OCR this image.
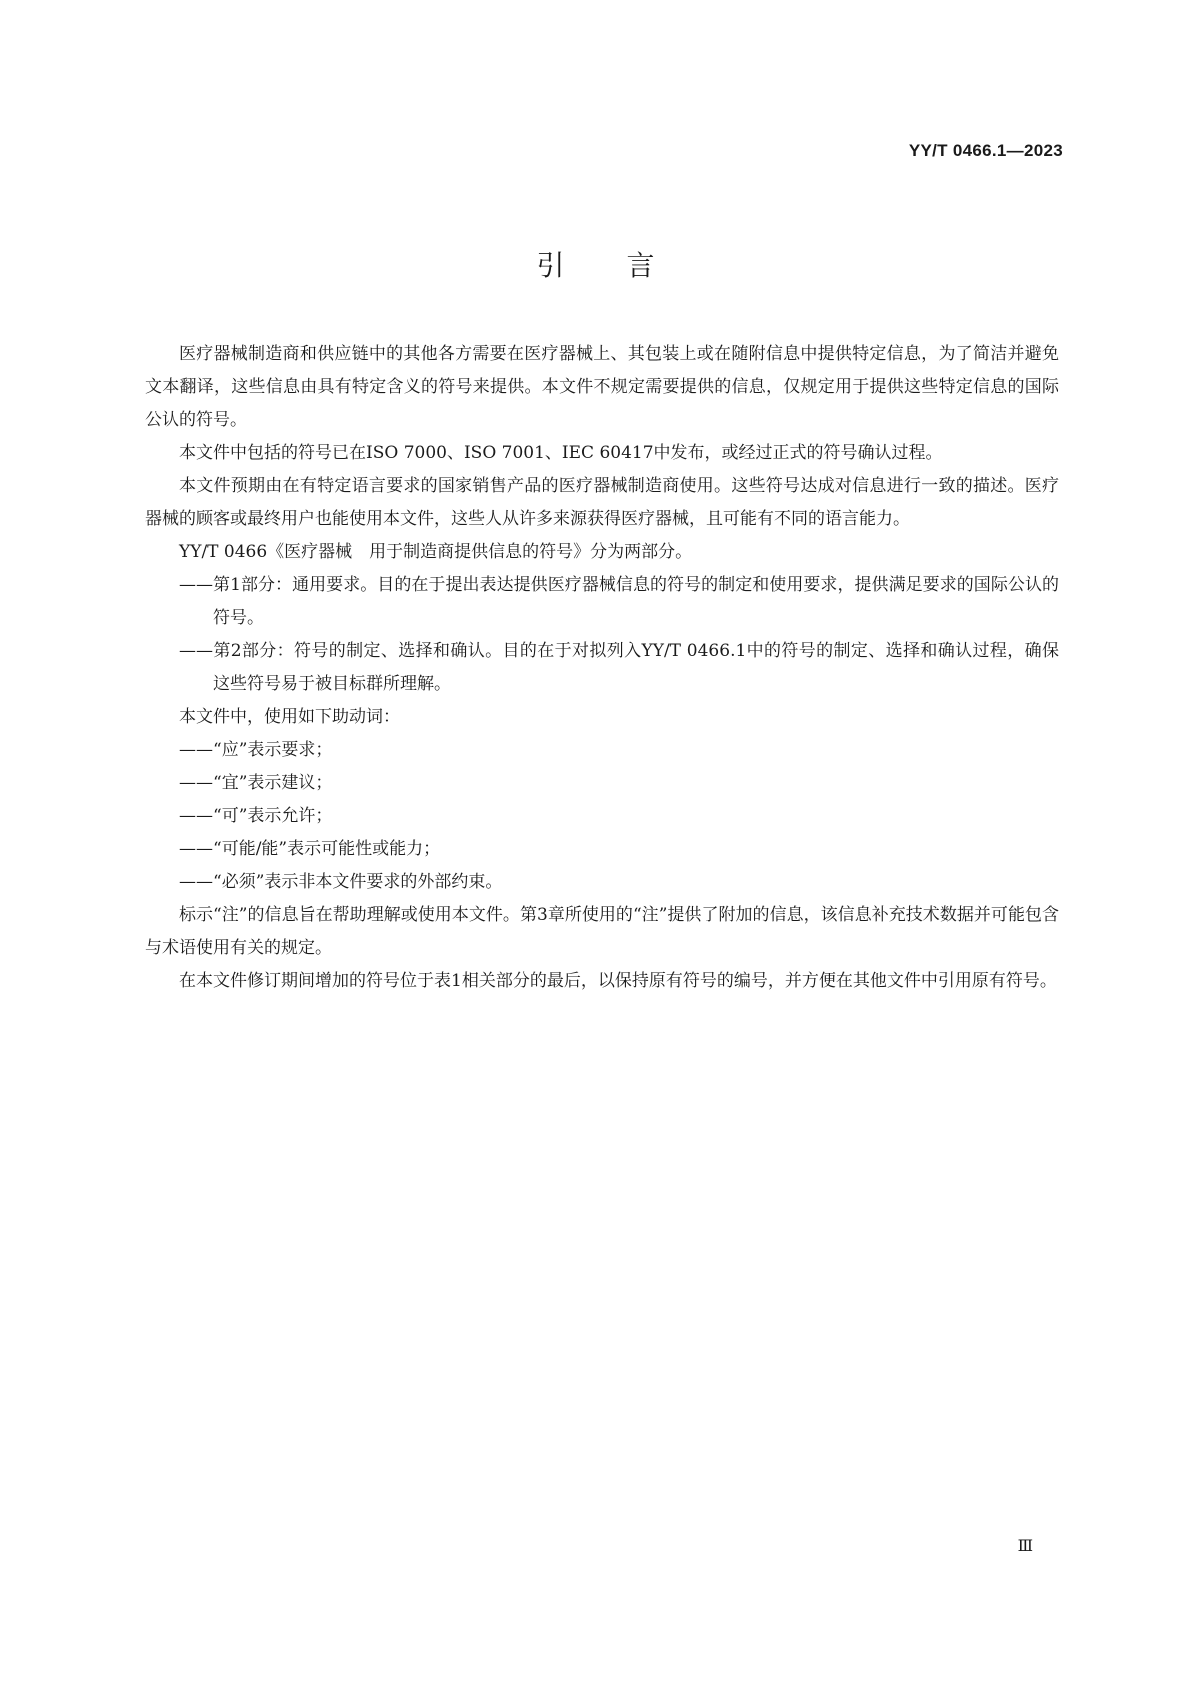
YY/T 0466.1—2023
引言

医疗器械制造商和供应链中的其他各方需要在医疗器械上、其包装上或在随附信息中提供特定信息，为了简洁并避免文本翻译，这些信息由具有特定含义的符号来提供。本文件不规定需要提供的信息，仅规定用于提供这些特定信息的国际公认的符号。

本文件中包括的符号已在ISO 7000、ISO 7001、IEC 60417中发布，或经过正式的符号确认过程。

本文件预期由在有特定语言要求的国家销售产品的医疗器械制造商使用。这些符号达成对信息进行一致的描述。医疗器械的顾客或最终用户也能使用本文件，这些人从许多来源获得医疗器械，且可能有不同的语言能力。

YY/T 0466《医疗器械　用于制造商提供信息的符号》分为两部分。

——第1部分：通用要求。目的在于提出表达提供医疗器械信息的符号的制定和使用要求，提供满足要求的国际公认的符号。

——第2部分：符号的制定、选择和确认。目的在于对拟列入YY/T 0466.1中的符号的制定、选择和确认过程，确保这些符号易于被目标群所理解。

本文件中，使用如下助动词：

——“应”表示要求；

——“宜”表示建议；

——“可”表示允许；

——“可能/能”表示可能性或能力；

——“必须”表示非本文件要求的外部约束。

标示“注”的信息旨在帮助理解或使用本文件。第3章所使用的“注”提供了附加的信息，该信息补充技术数据并可能包含与术语使用有关的规定。

在本文件修订期间增加的符号位于表1相关部分的最后，以保持原有符号的编号，并方便在其他文件中引用原有符号。

Ⅲ
